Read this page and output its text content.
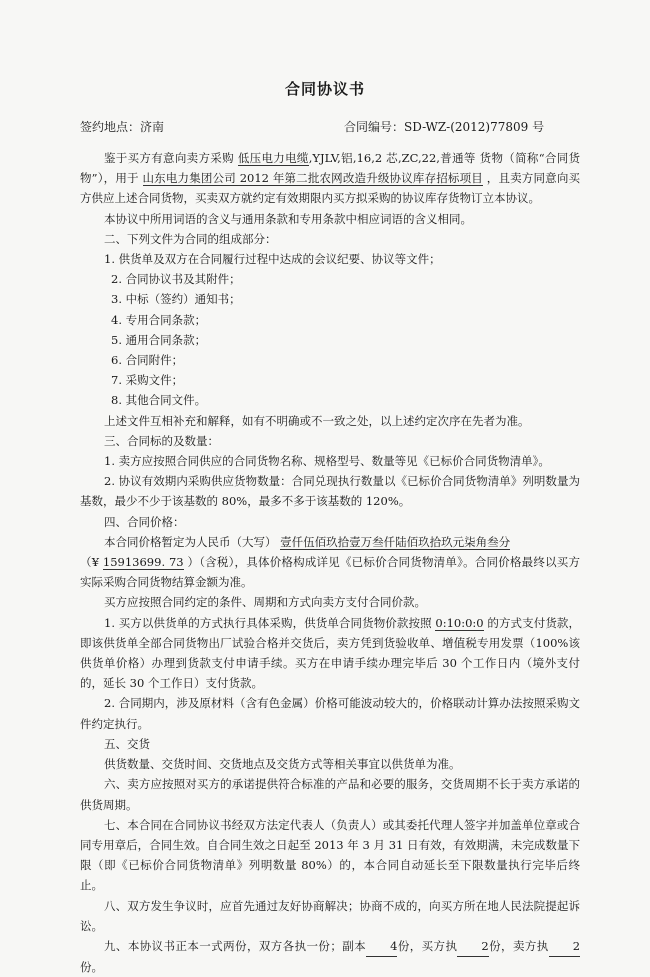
合同协议书
签约地点：济南	合同编号：SD-WZ-(2012)77809 号

鉴于买方有意向卖方采购 低压电力电缆,YJLV,铝,16,2 芯,ZC,22,普通等 货物（简称“合同货物”），用于 山东电力集团公司 2012 年第二批农网改造升级协议库存招标项目 ，且卖方同意向买方供应上述合同货物，买卖双方就约定有效期限内买方拟采购的协议库存货物订立本协议。

本协议中所用词语的含义与通用条款和专用条款中相应词语的含义相同。

二、下列文件为合同的组成部分：

1. 供货单及双方在合同履行过程中达成的会议纪要、协议等文件；

2. 合同协议书及其附件；

3. 中标（签约）通知书；

4. 专用合同条款；

5. 通用合同条款；

6. 合同附件；

7. 采购文件；

8. 其他合同文件。

上述文件互相补充和解释，如有不明确或不一致之处，以上述约定次序在先者为准。

三、合同标的及数量：

1. 卖方应按照合同供应的合同货物名称、规格型号、数量等见《已标价合同货物清单》。

2. 协议有效期内采购供应货物数量：合同兑现执行数量以《已标价合同货物清单》列明数量为基数，最少不少于该基数的 80%，最多不多于该基数的 120%。

四、合同价格：

本合同价格暂定为人民币（大写） 壹仟伍佰玖拾壹万叁仟陆佰玖拾玖元柒角叁分
（¥ 15913699. 73 ）（含税），具体价格构成详见《已标价合同货物清单》。合同价格最终以买方实际采购合同货物结算金额为准。

买方应按照合同约定的条件、周期和方式向卖方支付合同价款。

1. 买方以供货单的方式执行具体采购，供货单合同货物价款按照 0:10:0:0 的方式支付货款，即该供货单全部合同货物出厂试验合格并交货后，卖方凭到货验收单、增值税专用发票（100%该供货单价格）办理到货款支付申请手续。买方在申请手续办理完毕后 30 个工作日内（境外支付的，延长 30 个工作日）支付货款。

2. 合同期内，涉及原材料（含有色金属）价格可能波动较大的，价格联动计算办法按照采购文件约定执行。

五、交货

供货数量、交货时间、交货地点及交货方式等相关事宜以供货单为准。

六、卖方应按照对买方的承诺提供符合标准的产品和必要的服务，交货周期不长于卖方承诺的供货周期。

七、本合同在合同协议书经双方法定代表人（负责人）或其委托代理人签字并加盖单位章或合同专用章后，合同生效。自合同生效之日起至 2013 年 3 月 31 日有效，有效期满，未完成数量下限（即《已标价合同货物清单》列明数量 80%）的，本合同自动延长至下限数量执行完毕后终止。

八、双方发生争议时，应首先通过友好协商解决；协商不成的，向买方所在地人民法院提起诉讼。

九、本协议书正本一式两份，双方各执一份；副本 4份，买方执 2份，卖方执 2份。
